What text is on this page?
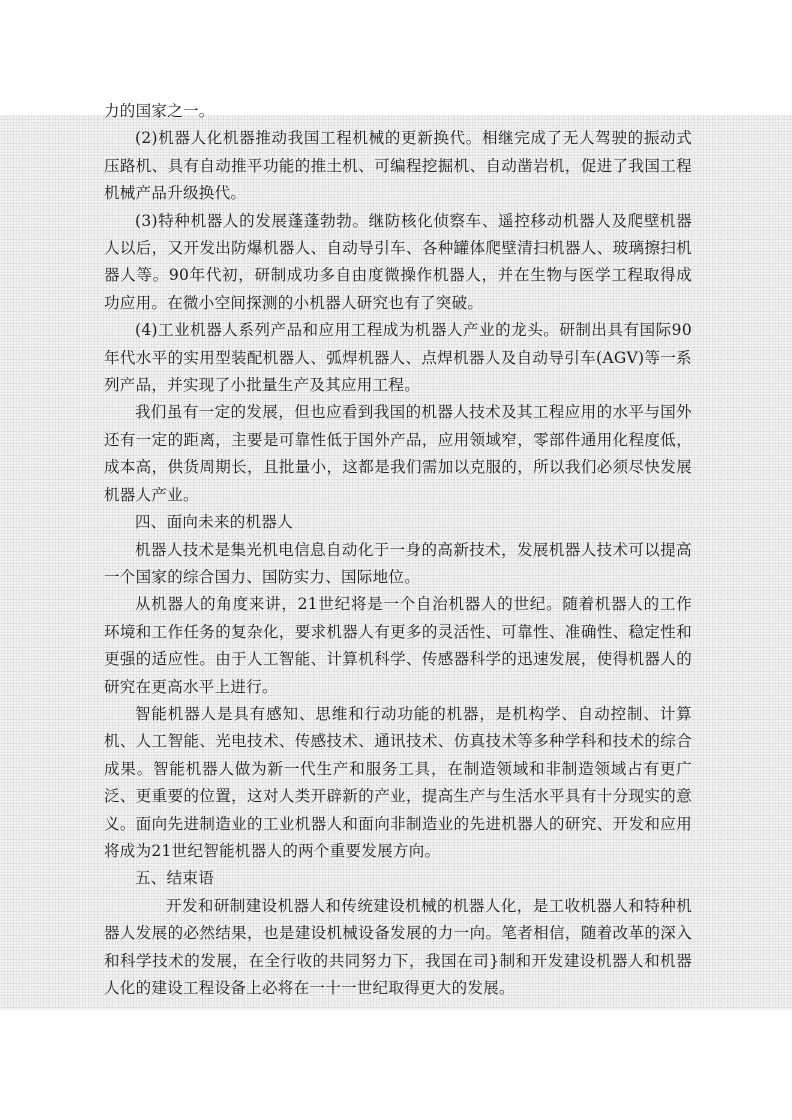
力的国家之一。

(2)机器人化机器推动我国工程机械的更新换代。相继完成了无人驾驶的振动式压路机、具有自动推平功能的推土机、可编程挖掘机、自动凿岩机，促进了我国工程机械产品升级换代。

(3)特种机器人的发展蓬蓬勃勃。继防核化侦察车、遥控移动机器人及爬壁机器人以后，又开发出防爆机器人、自动导引车、各种罐体爬壁清扫机器人、玻璃擦扫机器人等。90年代初，研制成功多自由度微操作机器人，并在生物与医学工程取得成功应用。在微小空间探测的小机器人研究也有了突破。

(4)工业机器人系列产品和应用工程成为机器人产业的龙头。研制出具有国际90年代水平的实用型装配机器人、弧焊机器人、点焊机器人及自动导引车(AGV)等一系列产品，并实现了小批量生产及其应用工程。

我们虽有一定的发展，但也应看到我国的机器人技术及其工程应用的水平与国外还有一定的距离，主要是可靠性低于国外产品，应用领域窄，零部件通用化程度低，成本高，供货周期长，且批量小，这都是我们需加以克服的，所以我们必须尽快发展机器人产业。

四、面向未来的机器人

机器人技术是集光机电信息自动化于一身的高新技术，发展机器人技术可以提高一个国家的综合国力、国防实力、国际地位。

从机器人的角度来讲，21世纪将是一个自治机器人的世纪。随着机器人的工作环境和工作任务的复杂化，要求机器人有更多的灵活性、可靠性、准确性、稳定性和更强的适应性。由于人工智能、计算机科学、传感器科学的迅速发展，使得机器人的研究在更高水平上进行。

智能机器人是具有感知、思维和行动功能的机器，是机构学、自动控制、计算机、人工智能、光电技术、传感技术、通讯技术、仿真技术等多种学科和技术的综合成果。智能机器人做为新一代生产和服务工具，在制造领域和非制造领域占有更广泛、更重要的位置，这对人类开辟新的产业，提高生产与生活水平具有十分现实的意义。面向先进制造业的工业机器人和面向非制造业的先进机器人的研究、开发和应用将成为21世纪智能机器人的两个重要发展方向。

五、结束语

开发和研制建设机器人和传统建设机械的机器人化，是工收机器人和特种机器人发展的必然结果，也是建设机械设备发展的力一向。笔者相信，随着改革的深入和科学技术的发展，在全行收的共同努力下，我国在司}制和开发建设机器人和机器人化的建设工程设备上必将在一十一世纪取得更大的发展。
